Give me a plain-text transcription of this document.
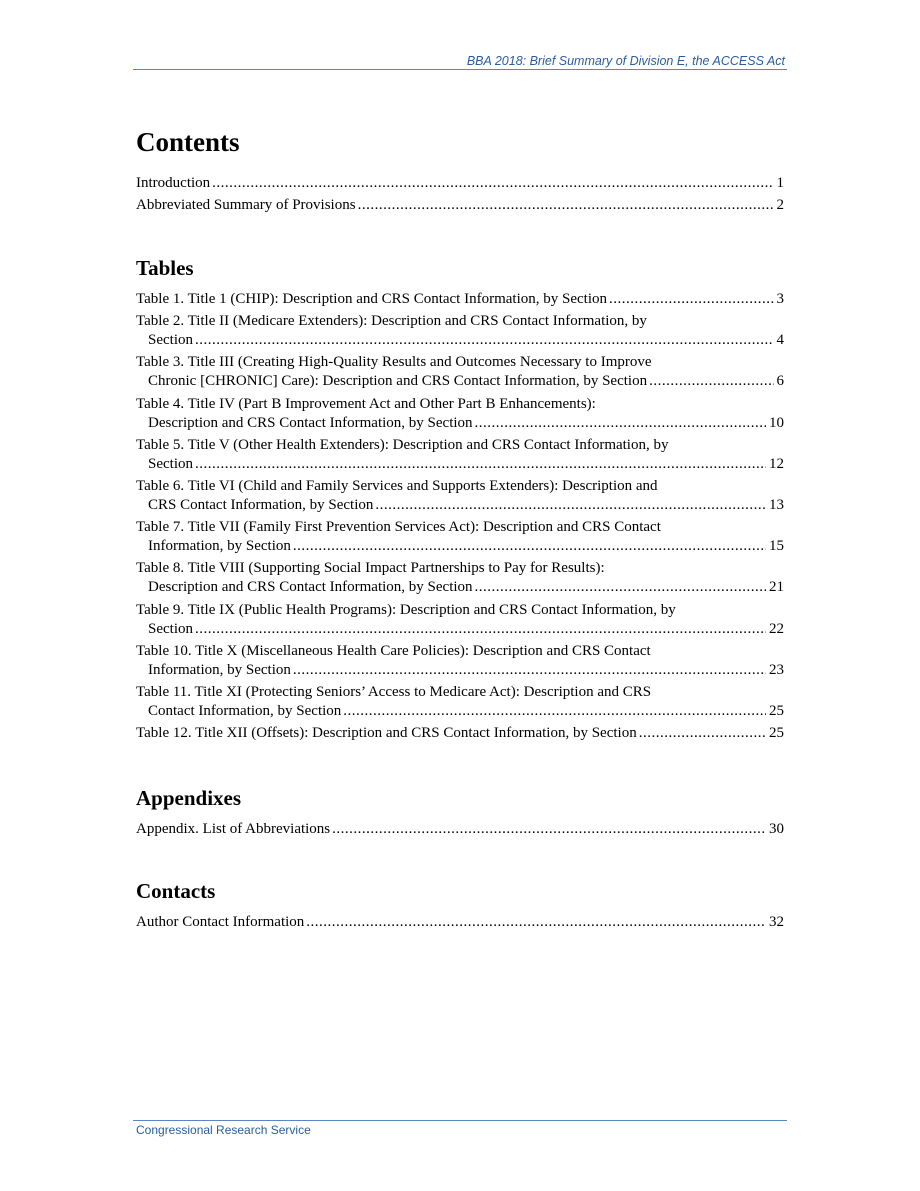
BBA 2018: Brief Summary of Division E, the ACCESS Act
Contents
Introduction .....	1
Abbreviated Summary of Provisions .....	2
Tables
Table 1. Title 1 (CHIP): Description and CRS Contact Information, by Section .....	3
Table 2. Title II (Medicare Extenders): Description and CRS Contact Information, by
Section .....	4
Table 3. Title III (Creating High-Quality Results and Outcomes Necessary to Improve
Chronic [CHRONIC] Care): Description and CRS Contact Information, by Section .....	6
Table 4. Title IV (Part B Improvement Act and Other Part B Enhancements):
Description and CRS Contact Information, by Section .....	10
Table 5. Title V (Other Health Extenders): Description and CRS Contact Information, by
Section .....	12
Table 6. Title VI (Child and Family Services and Supports Extenders): Description and
CRS Contact Information, by Section .....	13
Table 7. Title VII (Family First Prevention Services Act): Description and CRS Contact
Information, by Section .....	15
Table 8. Title VIII (Supporting Social Impact Partnerships to Pay for Results):
Description and CRS Contact Information, by Section .....	21
Table 9. Title IX (Public Health Programs): Description and CRS Contact Information, by
Section .....	22
Table 10. Title X (Miscellaneous Health Care Policies): Description and CRS Contact
Information, by Section .....	23
Table 11. Title XI (Protecting Seniors’ Access to Medicare Act): Description and CRS
Contact Information, by Section .....	25
Table 12. Title XII (Offsets): Description and CRS Contact Information, by Section .....	25
Appendixes
Appendix. List of Abbreviations .....	30
Contacts
Author Contact Information .....	32
Congressional Research Service
